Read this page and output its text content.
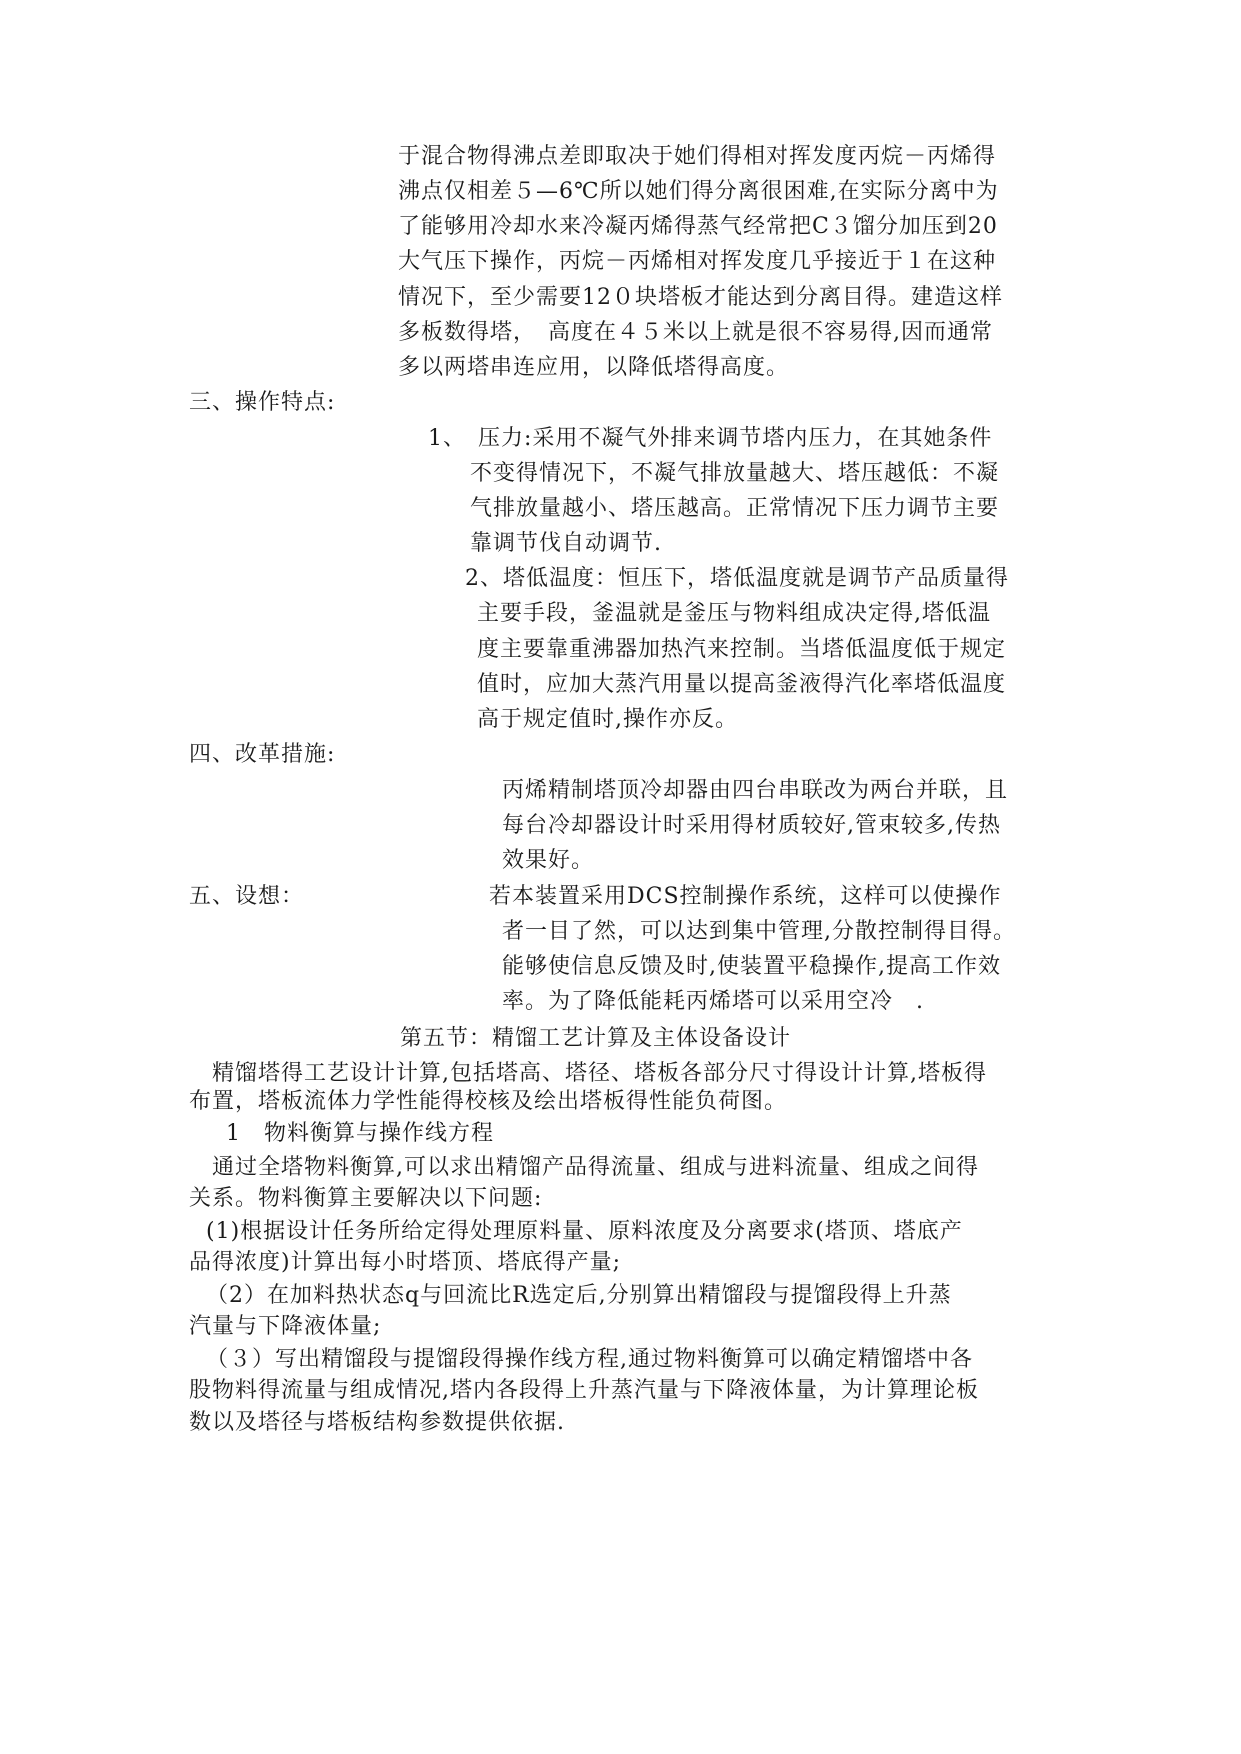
于混合物得沸点差即取决于她们得相对挥发度丙烷－丙烯得
沸点仅相差５—6℃所以她们得分离很困难,在实际分离中为
了能够用冷却水来冷凝丙烯得蒸气经常把C３馏分加压到20
大气压下操作，丙烷－丙烯相对挥发度几乎接近于１在这种
情况下，至少需要12０块塔板才能达到分离目得。建造这样
多板数得塔，　高度在４５米以上就是很不容易得,因而通常
多以两塔串连应用，以降低塔得高度。
三、操作特点:
1、　压力:采用不凝气外排来调节塔内压力，在其她条件
不变得情况下，不凝气排放量越大、塔压越低：不凝
气排放量越小、塔压越高。正常情况下压力调节主要
靠调节伐自动调节.
2、塔低温度：恒压下，塔低温度就是调节产品质量得
主要手段，釜温就是釜压与物料组成决定得,塔低温
度主要靠重沸器加热汽来控制。当塔低温度低于规定
值时，应加大蒸汽用量以提高釜液得汽化率塔低温度
高于规定值时,操作亦反。
四、改革措施:
丙烯精制塔顶冷却器由四台串联改为两台并联，且
每台冷却器设计时采用得材质较好,管束较多,传热
效果好。
五、设想：	若本装置采用DCS控制操作系统，这样可以使操作
者一目了然，可以达到集中管理,分散控制得目得。
能够使信息反馈及时,使装置平稳操作,提高工作效
率。为了降低能耗丙烯塔可以采用空冷　.
第五节：精馏工艺计算及主体设备设计
　精馏塔得工艺设计计算,包括塔高、塔径、塔板各部分尺寸得设计计算,塔板得
布置，塔板流体力学性能得校核及绘出塔板得性能负荷图。
1　物料衡算与操作线方程
　通过全塔物料衡算,可以求出精馏产品得流量、组成与进料流量、组成之间得
关系。物料衡算主要解决以下问题:
(1)根据设计任务所给定得处理原料量、原料浓度及分离要求(塔顶、塔底产
品得浓度)计算出每小时塔顶、塔底得产量;
（2）在加料热状态q与回流比R选定后,分别算出精馏段与提馏段得上升蒸
汽量与下降液体量;
（３）写出精馏段与提馏段得操作线方程,通过物料衡算可以确定精馏塔中各
股物料得流量与组成情况,塔内各段得上升蒸汽量与下降液体量，为计算理论板
数以及塔径与塔板结构参数提供依据.
